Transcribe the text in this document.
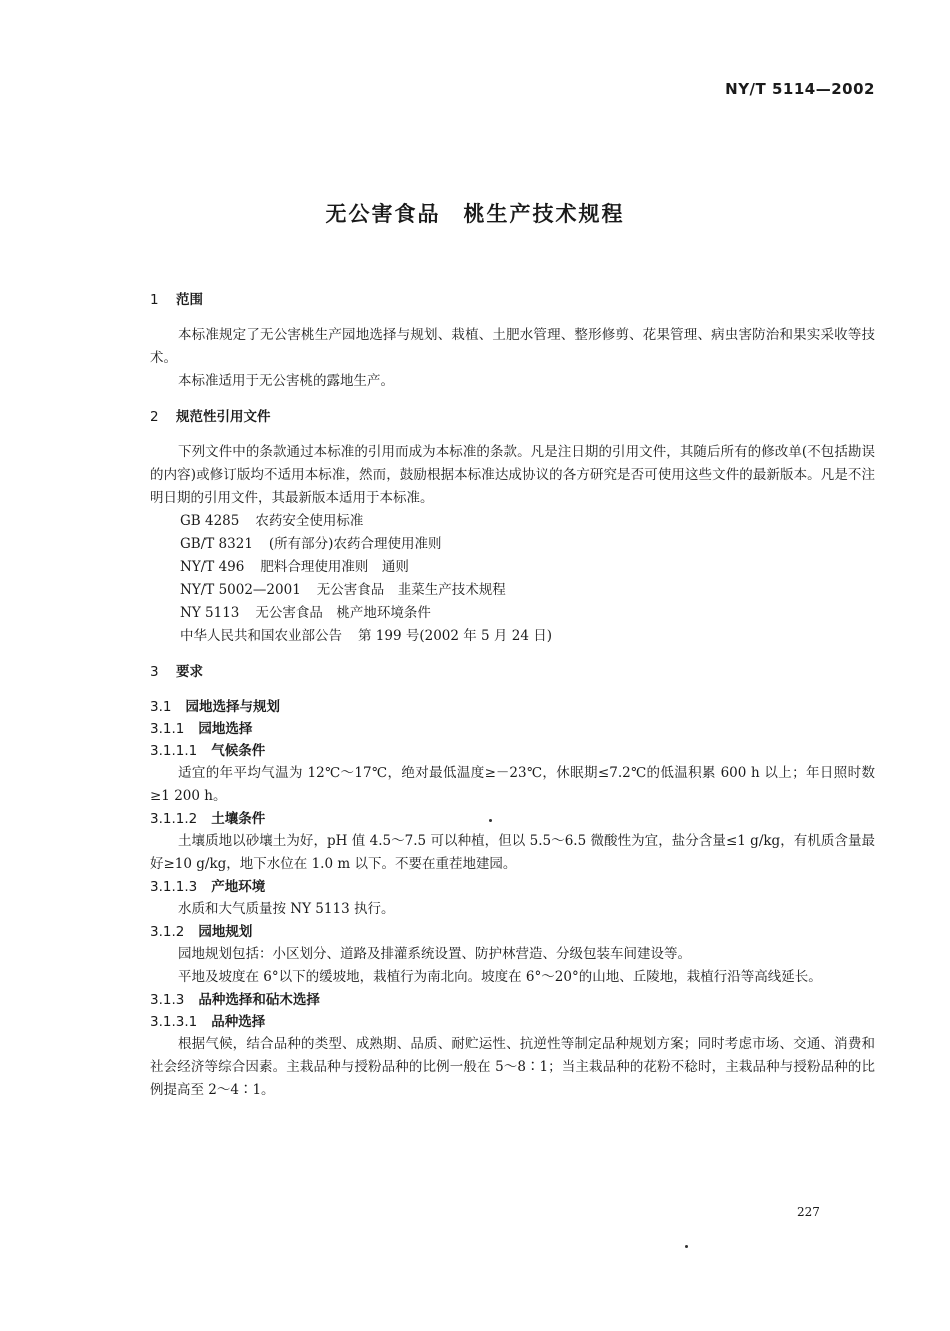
NY/T 5114—2002
无公害食品　桃生产技术规程
1 范围

本标准规定了无公害桃生产园地选择与规划、栽植、土肥水管理、整形修剪、花果管理、病虫害防治和果实采收等技术。

本标准适用于无公害桃的露地生产。

2 规范性引用文件

下列文件中的条款通过本标准的引用而成为本标准的条款。凡是注日期的引用文件，其随后所有的修改单(不包括勘误的内容)或修订版均不适用本标准，然而，鼓励根据本标准达成协议的各方研究是否可使用这些文件的最新版本。凡是不注明日期的引用文件，其最新版本适用于本标准。

GB 4285 农药安全使用标准
GB/T 8321 (所有部分)农药合理使用准则
NY/T 496 肥料合理使用准则　通则
NY/T 5002—2001 无公害食品　韭菜生产技术规程
NY 5113 无公害食品　桃产地环境条件
中华人民共和国农业部公告 第 199 号(2002 年 5 月 24 日)
3 要求
3.1 园地选择与规划
3.1.1 园地选择
3.1.1.1 气候条件

适宜的年平均气温为 12℃～17℃，绝对最低温度≥－23℃，休眠期≤7.2℃的低温积累 600 h 以上；年日照时数≥1 200 h。

3.1.1.2 土壤条件

土壤质地以砂壤土为好，pH 值 4.5～7.5 可以种植，但以 5.5～6.5 微酸性为宜，盐分含量≤1 g/kg，有机质含量最好≥10 g/kg，地下水位在 1.0 m 以下。不要在重茬地建园。

3.1.1.3 产地环境

水质和大气质量按 NY 5113 执行。

3.1.2 园地规划

园地规划包括：小区划分、道路及排灌系统设置、防护林营造、分级包装车间建设等。

平地及坡度在 6°以下的缓坡地，栽植行为南北向。坡度在 6°～20°的山地、丘陵地，栽植行沿等高线延长。

3.1.3 品种选择和砧木选择
3.1.3.1 品种选择

根据气候，结合品种的类型、成熟期、品质、耐贮运性、抗逆性等制定品种规划方案；同时考虑市场、交通、消费和社会经济等综合因素。主栽品种与授粉品种的比例一般在 5～8∶1；当主栽品种的花粉不稔时，主栽品种与授粉品种的比例提高至 2～4∶1。

227
